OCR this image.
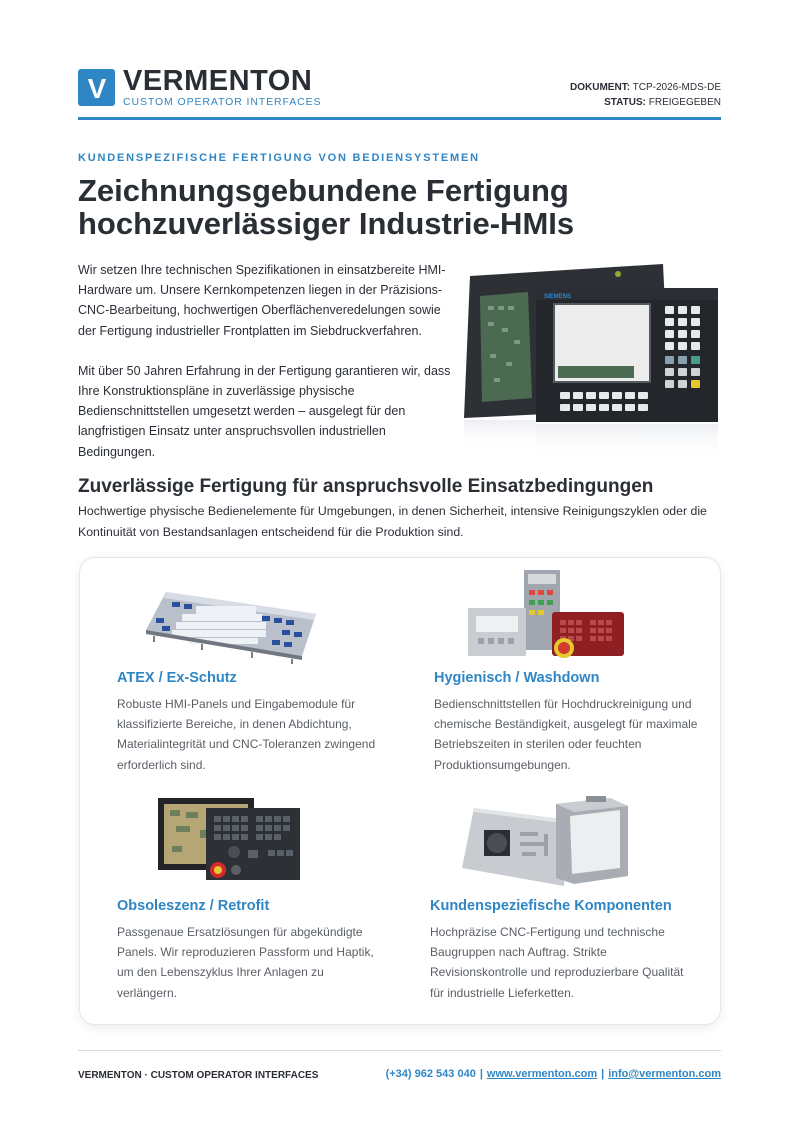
V VERMENTON
CUSTOM OPERATOR INTERFACES
DOKUMENT: TCP-2026-MDS-DE
STATUS: FREIGEGEBEN
KUNDENSPEZIFISCHE FERTIGUNG VON BEDIENSYSTEMEN
Zeichnungsgebundene Fertigung
hochzuverlässiger Industrie-HMIs

Wir setzen Ihre technischen Spezifikationen in einsatzbereite HMI-Hardware um. Unsere Kernkompetenzen liegen in der Präzisions-CNC-Bearbeitung, hochwertigen Oberflächenveredelungen sowie der Fertigung industrieller Frontplatten im Siebdruckverfahren.

Mit über 50 Jahren Erfahrung in der Fertigung garantieren wir, dass Ihre Konstruktionspläne in zuverlässige physische Bedienschnittstellen umgesetzt werden – ausgelegt für den langfristigen Einsatz unter anspruchsvollen industriellen Bedingungen.

SIEMENS
Zuverlässige Fertigung für anspruchsvolle Einsatzbedingungen

Hochwertige physische Bedienelemente für Umgebungen, in denen Sicherheit, intensive Reinigungszyklen oder die Kontinuität von Bestandsanlagen entscheidend für die Produktion sind.

ATEX / Ex-Schutz
Robuste HMI-Panels und Eingabemodule für klassifizierte Bereiche, in denen Abdichtung, Materialintegrität und CNC-Toleranzen zwingend erforderlich sind.
Hygienisch / Washdown
Bedienschnittstellen für Hochdruckreinigung und chemische Beständigkeit, ausgelegt für maximale Betriebszeiten in sterilen oder feuchten Produktionsumgebungen.
Obsoleszenz / Retrofit
Passgenaue Ersatzlösungen für abgekündigte Panels. Wir reproduzieren Passform und Haptik, um den Lebenszyklus Ihrer Anlagen zu verlängern.
Kundenspeziefische Komponenten
Hochpräzise CNC-Fertigung und technische Baugruppen nach Auftrag. Strikte Revisionskontrolle und reproduzierbare Qualität für industrielle Lieferketten.
VERMENTON · CUSTOM OPERATOR INTERFACES	(+34) 962 543 040 | www.vermenton.com | info@vermenton.com
